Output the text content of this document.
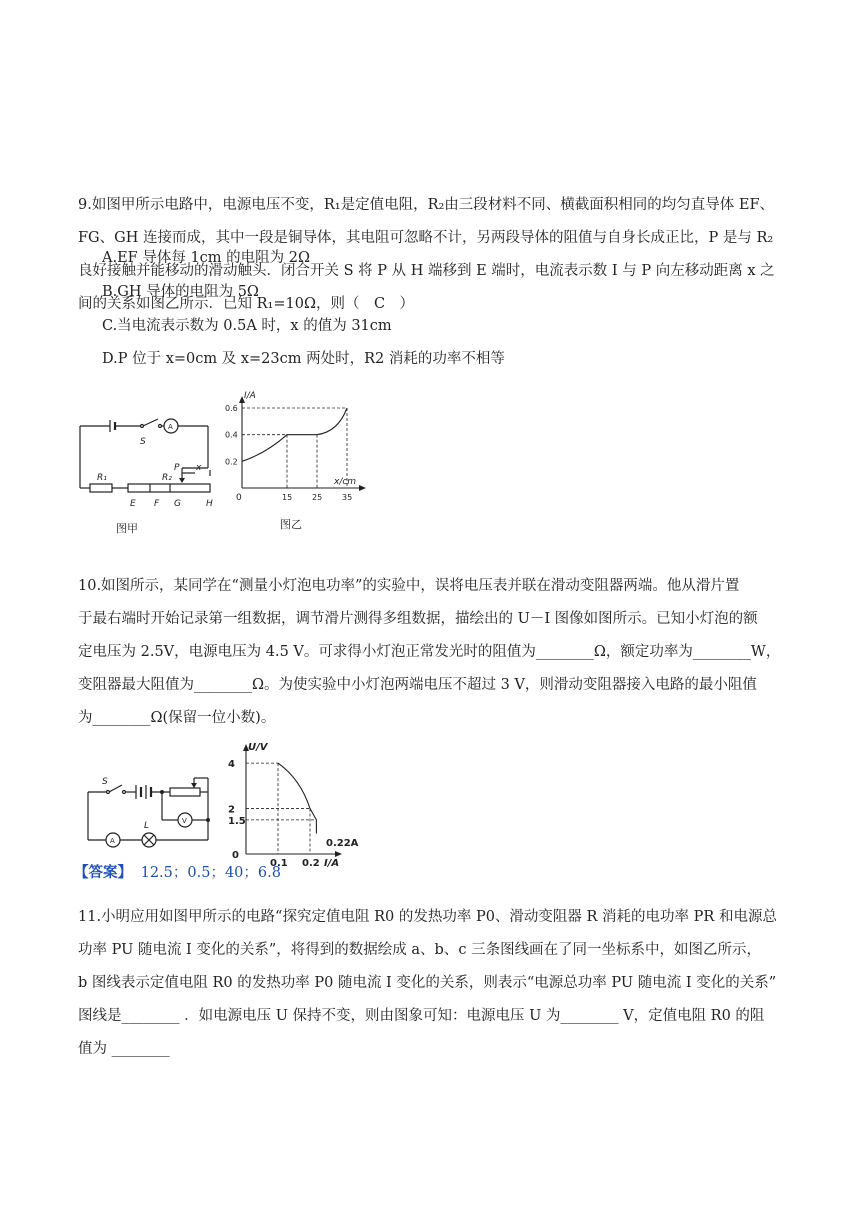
9.如图甲所示电路中，电源电压不变，R₁是定值电阻，R₂由三段材料不同、横截面积相同的均匀直导体 EF、
FG、GH 连接而成，其中一段是铜导体，其电阻可忽略不计，另两段导体的阻值与自身长成正比，P 是与 R₂
良好接触并能移动的滑动触头．闭合开关 S 将 P 从 H 端移到 E 端时，电流表示数 I 与 P 向左移动距离 x 之
间的关系如图乙所示．已知 R₁=10Ω，则（　C　）
A.EF 导体每 1cm 的电阻为 2Ω
B.GH 导体的电阻为 5Ω
C.当电流表示数为 0.5A 时，x 的值为 31cm
D.P 位于 x=0cm 及 x=23cm 两处时，R2 消耗的功率不相等
S
A
R₁	R₂
P x
E F G	H
图甲
15 25 35
0.2
0.4
0.6
I/A
x/cm
0
图乙
10.如图所示，某同学在“测量小灯泡电功率”的实验中，误将电压表并联在滑动变阻器两端。他从滑片置
于最右端时开始记录第一组数据，调节滑片测得多组数据，描绘出的 U－I 图像如图所示。已知小灯泡的额
定电压为 2.5V，电源电压为 4.5 V。可求得小灯泡正常发光时的阻值为________Ω，额定功率为________W，
变阻器最大阻值为________Ω。为使实验中小灯泡两端电压不超过 3 V，则滑动变阻器接入电路的最小阻值
为________Ω(保留一位小数)。
S
A
L	V
0.1 0.2
1.5
2
4
U/V
I/A
0
0.22A
【答案】 12.5；0.5；40；6.8
11.小明应用如图甲所示的电路“探究定值电阻 R0 的发热功率 P0、滑动变阻器 R 消耗的电功率 PR 和电源总
功率 PU 随电流 I 变化的关系”，将得到的数据绘成 a、b、c 三条图线画在了同一坐标系中，如图乙所示，
b 图线表示定值电阻 R0 的发热功率 P0 随电流 I 变化的关系，则表示“电源总功率 PU 随电流 I 变化的关系”
图线是________ ．如电源电压 U 保持不变，则由图象可知：电源电压 U 为________ V，定值电阻 R0 的阻
值为 ________
